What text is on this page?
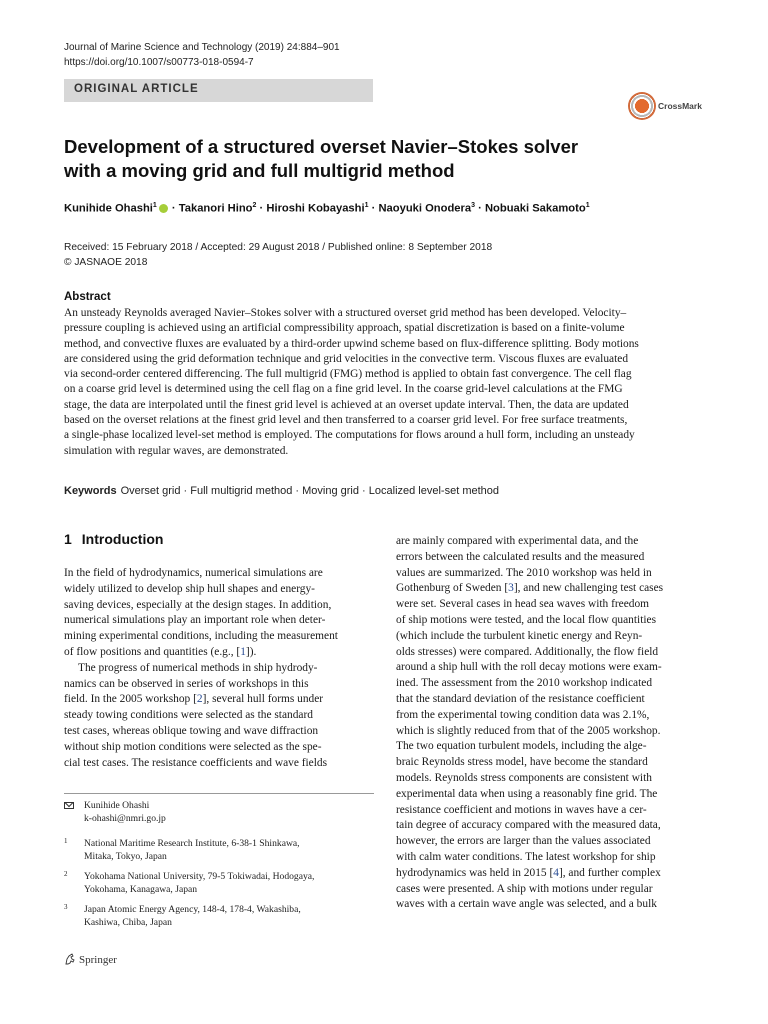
Journal of Marine Science and Technology (2019) 24:884–901
https://doi.org/10.1007/s00773-018-0594-7
ORIGINAL ARTICLE
CrossMark
Development of a structured overset Navier–Stokes solver
with a moving grid and full multigrid method
Kunihide Ohashi$^1$ · Takanori Hino$^2$ · Hiroshi Kobayashi$^1$ · Naoyuki Onodera$^3$ · Nobuaki Sakamoto$^1$
Received: 15 February 2018 / Accepted: 29 August 2018 / Published online: 8 September 2018
© JASNAOE 2018
Abstract
An unsteady Reynolds averaged Navier–Stokes solver with a structured overset grid method has been developed. Velocity–
pressure coupling is achieved using an artificial compressibility approach, spatial discretization is based on a finite-volume
method, and convective fluxes are evaluated by a third-order upwind scheme based on flux-difference splitting. Body motions
are considered using the grid deformation technique and grid velocities in the convective term. Viscous fluxes are evaluated
via second-order centered differencing. The full multigrid (FMG) method is applied to obtain fast convergence. The cell flag
on a coarse grid level is determined using the cell flag on a fine grid level. In the coarse grid-level calculations at the FMG
stage, the data are interpolated until the finest grid level is achieved at an overset update interval. Then, the data are updated
based on the overset relations at the finest grid level and then transferred to a coarser grid level. For free surface treatments,
a single-phase localized level-set method is employed. The computations for flows around a hull form, including an unsteady
simulation with regular waves, are demonstrated.
Keywords Overset grid · Full multigrid method · Moving grid · Localized level-set method
1 Introduction
In the field of hydrodynamics, numerical simulations are
widely utilized to develop ship hull shapes and energy-
saving devices, especially at the design stages. In addition,
numerical simulations play an important role when deter-
mining experimental conditions, including the measurement
of flow positions and quantities (e.g., [1]).
The progress of numerical methods in ship hydrody-
namics can be observed in series of workshops in this
field. In the 2005 workshop [2], several hull forms under
steady towing conditions were selected as the standard
test cases, whereas oblique towing and wave diffraction
without ship motion conditions were selected as the spe-
cial test cases. The resistance coefficients and wave fields
are mainly compared with experimental data, and the
errors between the calculated results and the measured
values are summarized. The 2010 workshop was held in
Gothenburg of Sweden [3], and new challenging test cases
were set. Several cases in head sea waves with freedom
of ship motions were tested, and the local flow quantities
(which include the turbulent kinetic energy and Reyn-
olds stresses) were compared. Additionally, the flow field
around a ship hull with the roll decay motions were exam-
ined. The assessment from the 2010 workshop indicated
that the standard deviation of the resistance coefficient
from the experimental towing condition data was 2.1%,
which is slightly reduced from that of the 2005 workshop.
The two equation turbulent models, including the alge-
braic Reynolds stress model, have become the standard
models. Reynolds stress components are consistent with
experimental data when using a reasonably fine grid. The
resistance coefficient and motions in waves have a cer-
tain degree of accuracy compared with the measured data,
however, the errors are larger than the values associated
with calm water conditions. The latest workshop for ship
hydrodynamics was held in 2015 [4], and further complex
cases were presented. A ship with motions under regular
waves with a certain wave angle was selected, and a bulk
Kunihide Ohashi
k-ohashi@nmri.go.jp
1 National Maritime Research Institute, 6-38-1 Shinkawa,
Mitaka, Tokyo, Japan
2 Yokohama National University, 79-5 Tokiwadai, Hodogaya,
Yokohama, Kanagawa, Japan
3 Japan Atomic Energy Agency, 148-4, 178-4, Wakashiba,
Kashiwa, Chiba, Japan
Springer
